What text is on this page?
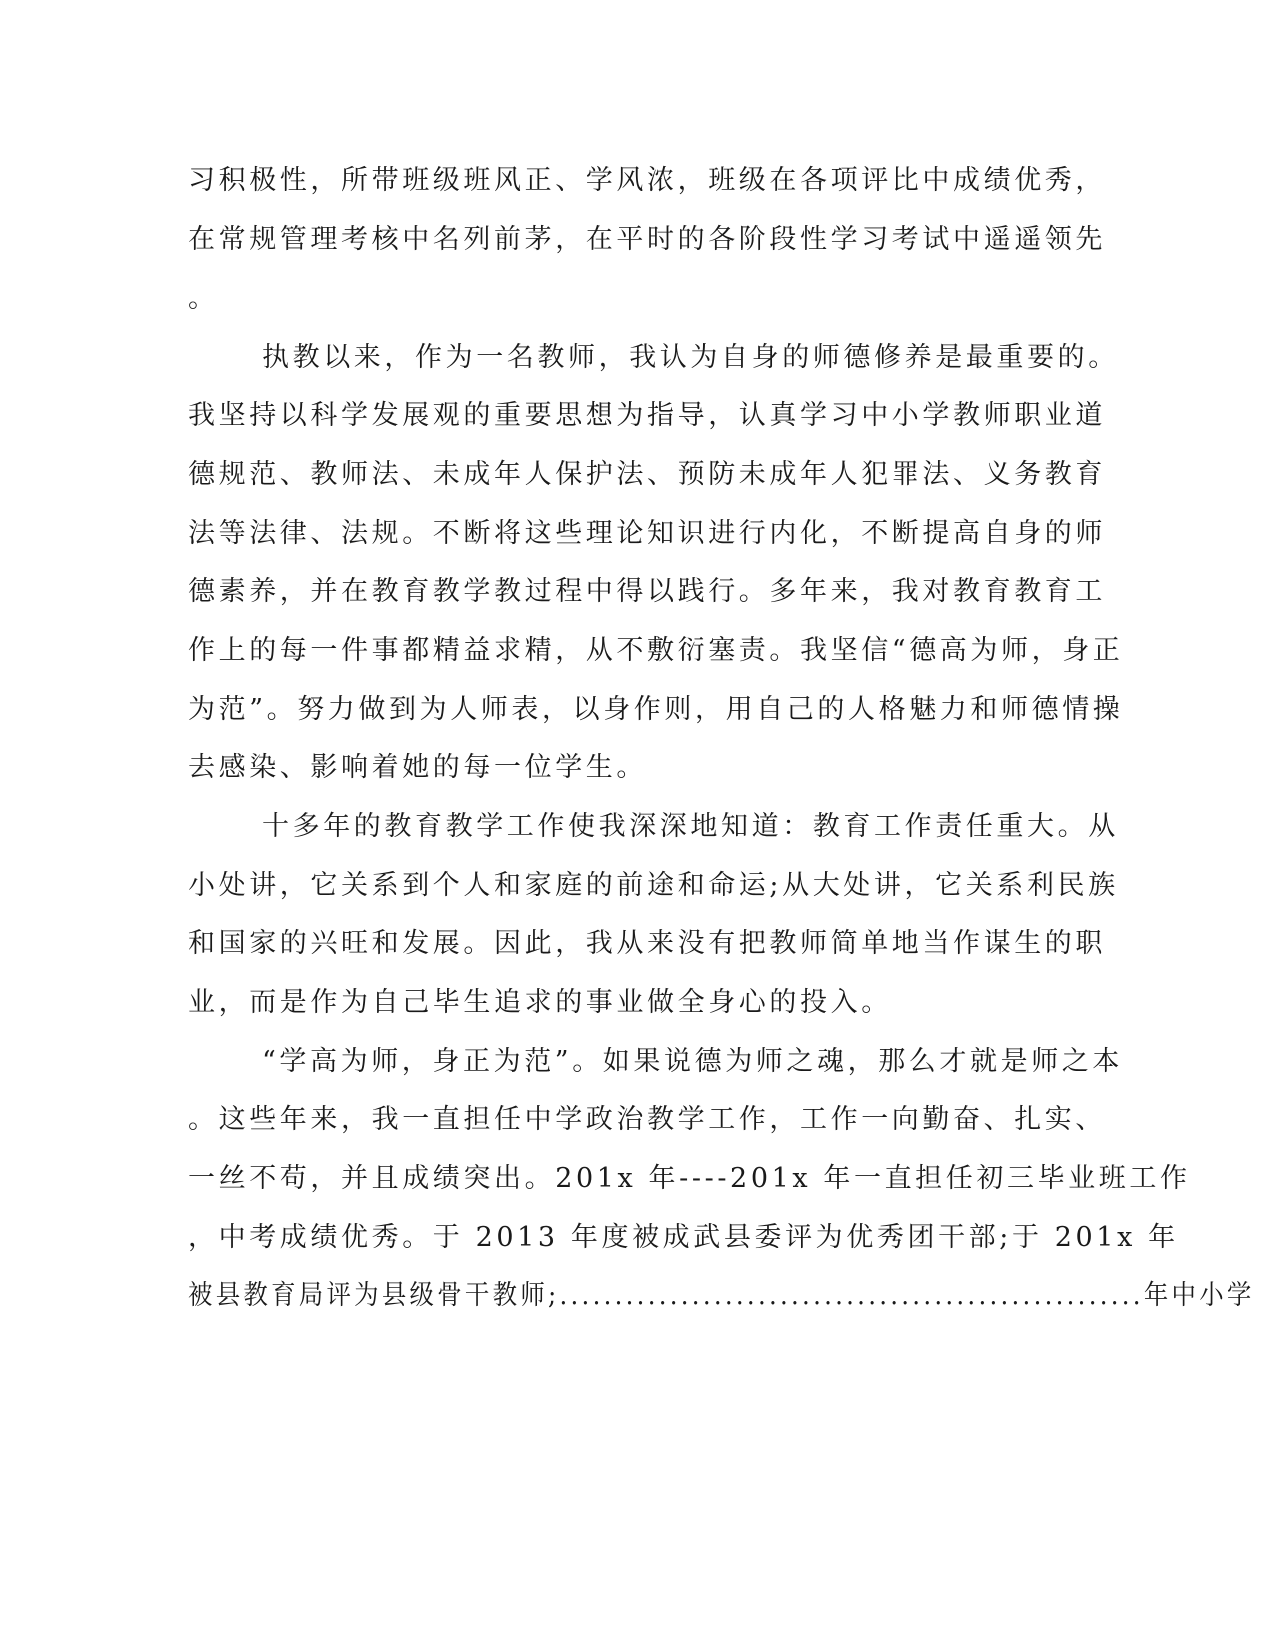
习积极性，所带班级班风正、学风浓，班级在各项评比中成绩优秀，
在常规管理考核中名列前茅，在平时的各阶段性学习考试中遥遥领先
。
执教以来，作为一名教师，我认为自身的师德修养是最重要的。
我坚持以科学发展观的重要思想为指导，认真学习中小学教师职业道
德规范、教师法、未成年人保护法、预防未成年人犯罪法、义务教育
法等法律、法规。不断将这些理论知识进行内化，不断提高自身的师
德素养，并在教育教学教过程中得以践行。多年来，我对教育教育工
作上的每一件事都精益求精，从不敷衍塞责。我坚信“德高为师，身正
为范”。努力做到为人师表，以身作则，用自己的人格魅力和师德情操
去感染、影响着她的每一位学生。
十多年的教育教学工作使我深深地知道：教育工作责任重大。从
小处讲，它关系到个人和家庭的前途和命运;从大处讲，它关系利民族
和国家的兴旺和发展。因此，我从来没有把教师简单地当作谋生的职
业，而是作为自己毕生追求的事业做全身心的投入。
“学高为师，身正为范”。如果说德为师之魂，那么才就是师之本
。这些年来，我一直担任中学政治教学工作，工作一向勤奋、扎实、
一丝不苟，并且成绩突出。201x 年----201x 年一直担任初三毕业班工作
，中考成绩优秀。于 2013 年度被成武县委评为优秀团干部;于 201x 年
被县教育局评为县级骨干教师;.....................................................年中小学
